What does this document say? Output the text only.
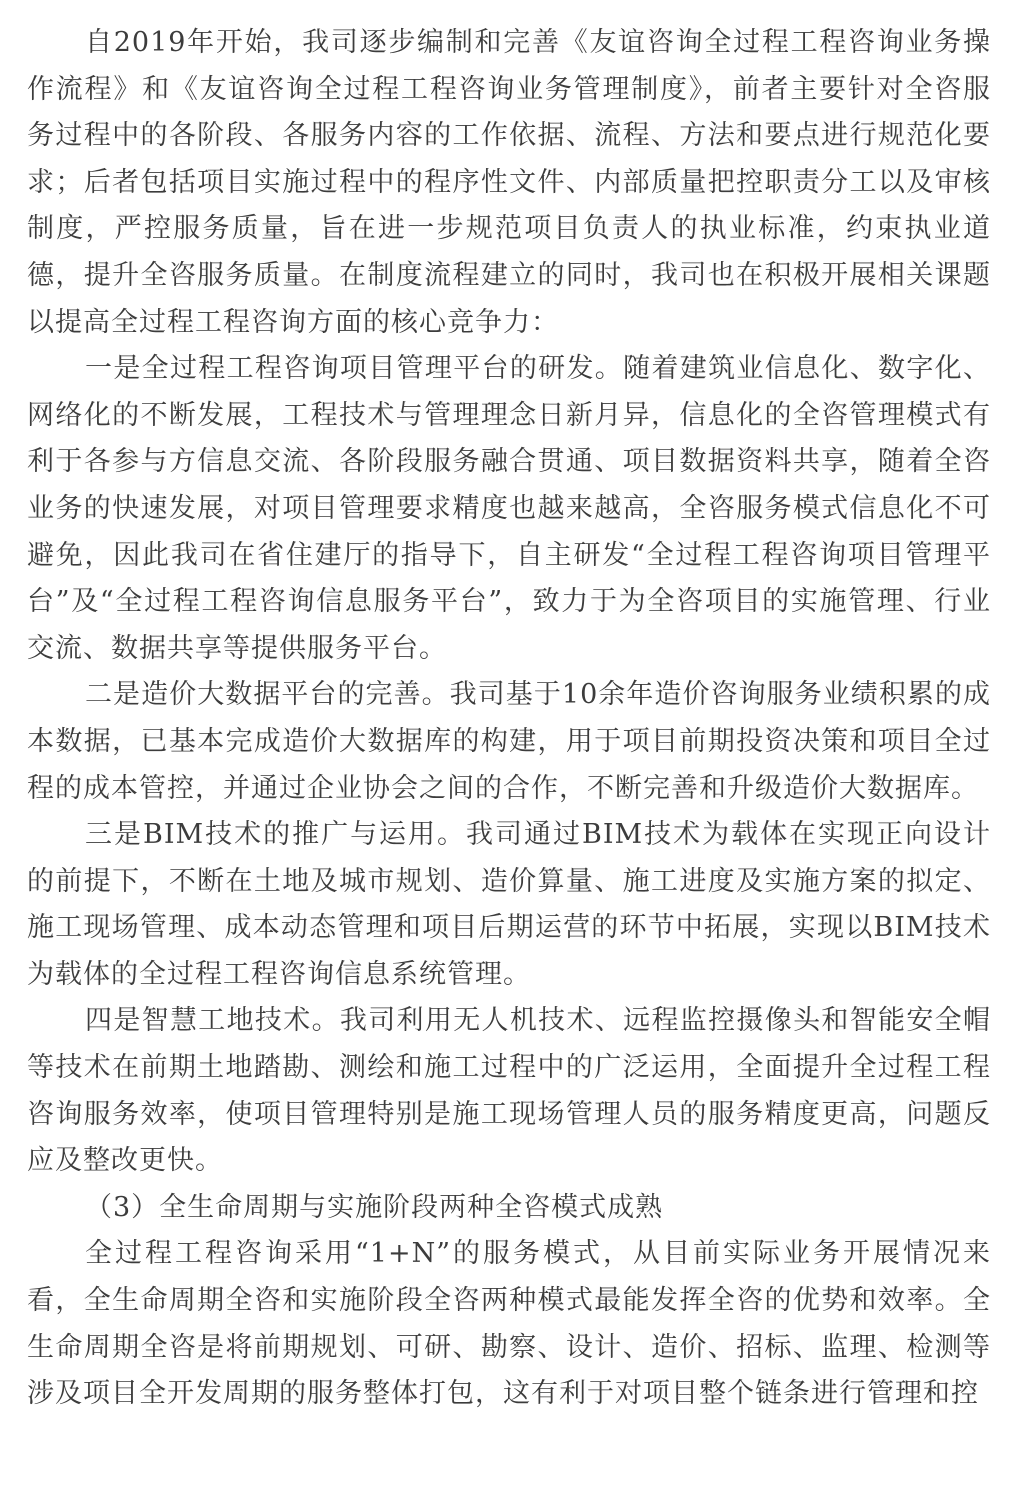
自2019年开始，我司逐步编制和完善《友谊咨询全过程工程咨询业务操作流程》和《友谊咨询全过程工程咨询业务管理制度》，前者主要针对全咨服务过程中的各阶段、各服务内容的工作依据、流程、方法和要点进行规范化要求；后者包括项目实施过程中的程序性文件、内部质量把控职责分工以及审核制度，严控服务质量，旨在进一步规范项目负责人的执业标准，约束执业道德，提升全咨服务质量。在制度流程建立的同时，我司也在积极开展相关课题以提高全过程工程咨询方面的核心竞争力：

一是全过程工程咨询项目管理平台的研发。随着建筑业信息化、数字化、网络化的不断发展，工程技术与管理理念日新月异，信息化的全咨管理模式有利于各参与方信息交流、各阶段服务融合贯通、项目数据资料共享，随着全咨业务的快速发展，对项目管理要求精度也越来越高，全咨服务模式信息化不可避免，因此我司在省住建厅的指导下，自主研发“全过程工程咨询项目管理平台”及“全过程工程咨询信息服务平台”，致力于为全咨项目的实施管理、行业交流、数据共享等提供服务平台。

二是造价大数据平台的完善。我司基于10余年造价咨询服务业绩积累的成本数据，已基本完成造价大数据库的构建，用于项目前期投资决策和项目全过程的成本管控，并通过企业协会之间的合作，不断完善和升级造价大数据库。

三是BIM技术的推广与运用。我司通过BIM技术为载体在实现正向设计的前提下，不断在土地及城市规划、造价算量、施工进度及实施方案的拟定、施工现场管理、成本动态管理和项目后期运营的环节中拓展，实现以BIM技术为载体的全过程工程咨询信息系统管理。

四是智慧工地技术。我司利用无人机技术、远程监控摄像头和智能安全帽等技术在前期土地踏勘、测绘和施工过程中的广泛运用，全面提升全过程工程咨询服务效率，使项目管理特别是施工现场管理人员的服务精度更高，问题反应及整改更快。

（3）全生命周期与实施阶段两种全咨模式成熟

全过程工程咨询采用“1+N”的服务模式，从目前实际业务开展情况来看，全生命周期全咨和实施阶段全咨两种模式最能发挥全咨的优势和效率。全生命周期全咨是将前期规划、可研、勘察、设计、造价、招标、监理、检测等涉及项目全开发周期的服务整体打包，这有利于对项目整个链条进行管理和控
